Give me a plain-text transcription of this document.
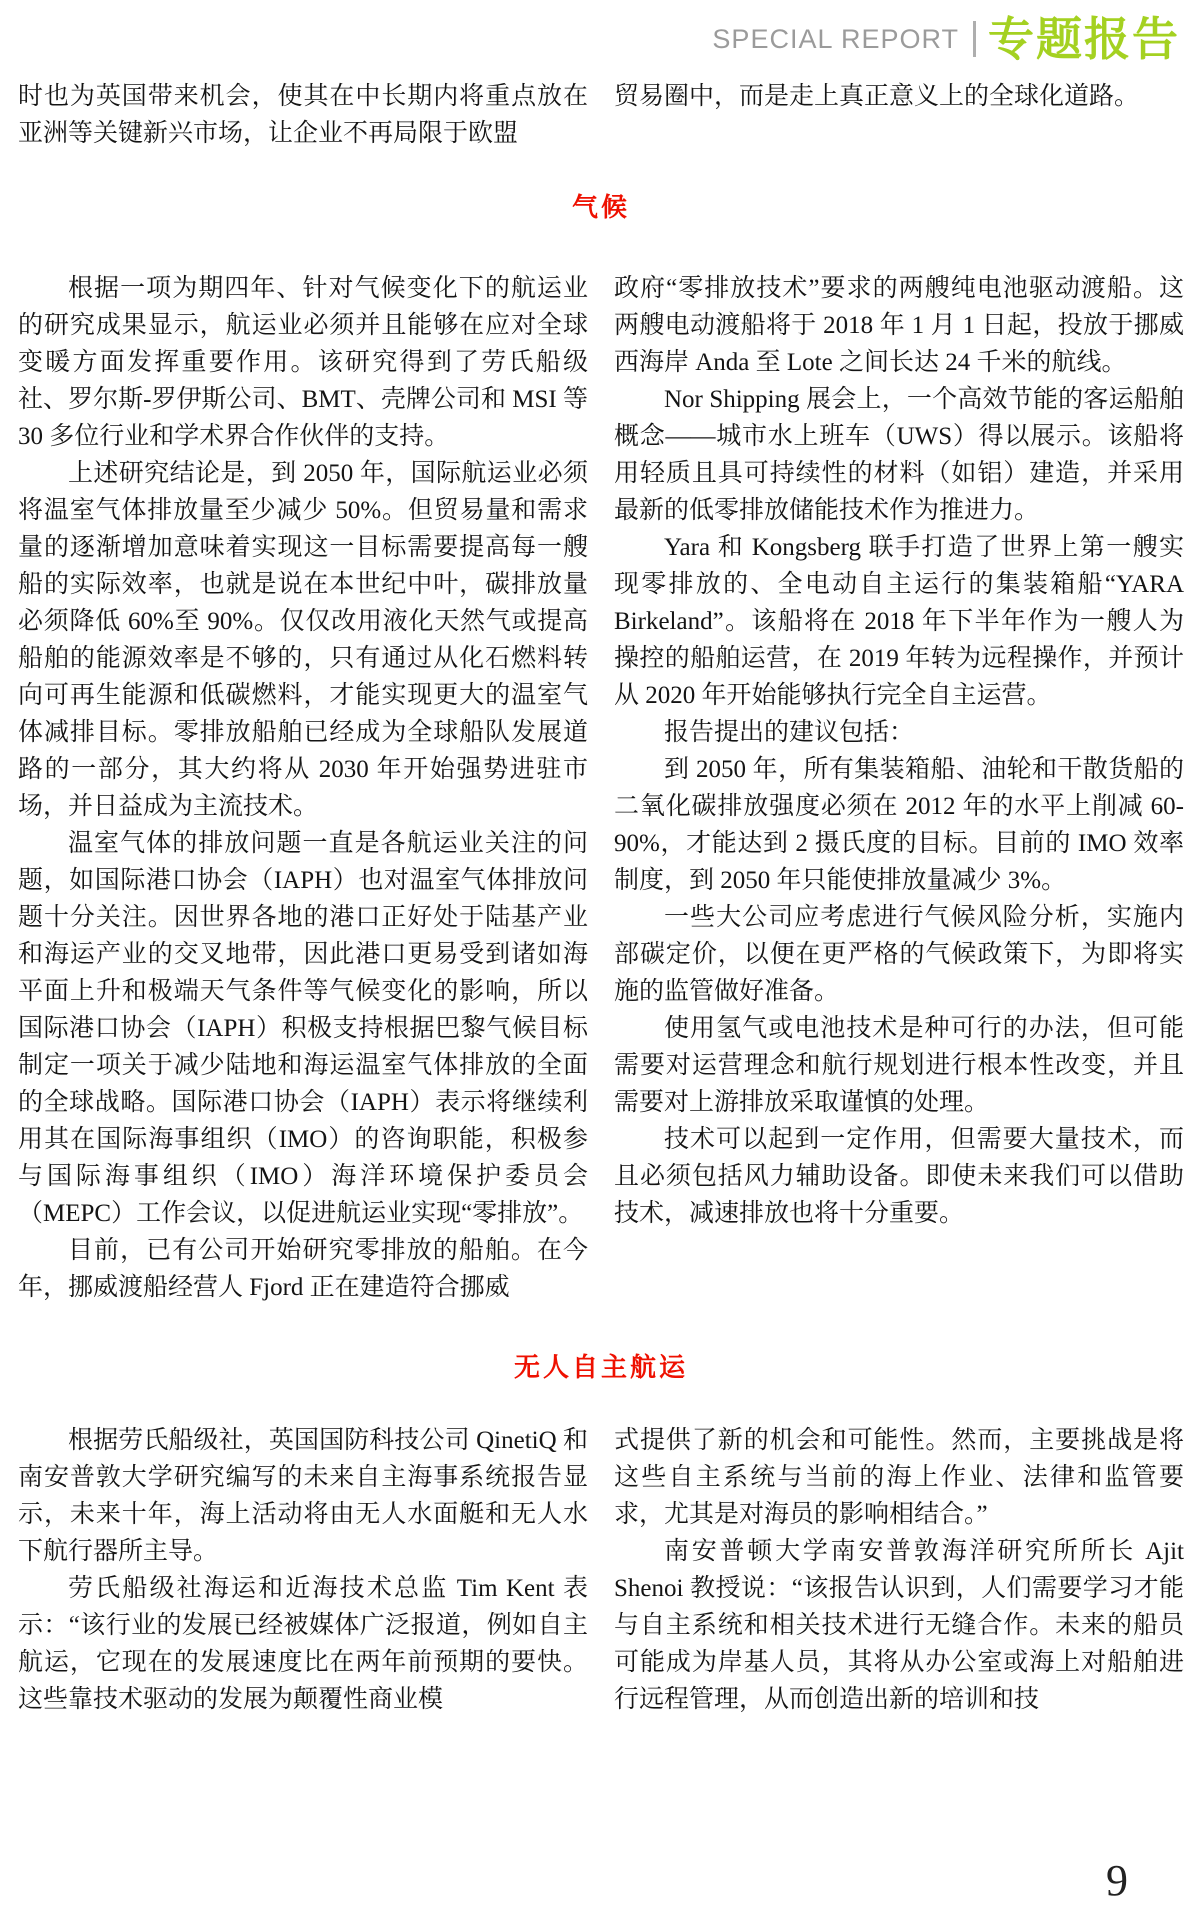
SPECIAL REPORT 专题报告

时也为英国带来机会，使其在中长期内将重点放在亚洲等关键新兴市场，让企业不再局限于欧盟

贸易圈中，而是走上真正意义上的全球化道路。

气候

根据一项为期四年、针对气候变化下的航运业的研究成果显示，航运业必须并且能够在应对全球变暖方面发挥重要作用。该研究得到了劳氏船级社、罗尔斯-罗伊斯公司、BMT、壳牌公司和 MSI 等 30 多位行业和学术界合作伙伴的支持。

上述研究结论是，到 2050 年，国际航运业必须将温室气体排放量至少减少 50%。但贸易量和需求量的逐渐增加意味着实现这一目标需要提高每一艘船的实际效率，也就是说在本世纪中叶，碳排放量必须降低 60%至 90%。仅仅改用液化天然气或提高船舶的能源效率是不够的，只有通过从化石燃料转向可再生能源和低碳燃料，才能实现更大的温室气体减排目标。零排放船舶已经成为全球船队发展道路的一部分，其大约将从 2030 年开始强势进驻市场，并日益成为主流技术。

温室气体的排放问题一直是各航运业关注的问题，如国际港口协会（IAPH）也对温室气体排放问题十分关注。因世界各地的港口正好处于陆基产业和海运产业的交叉地带，因此港口更易受到诸如海平面上升和极端天气条件等气候变化的影响，所以国际港口协会（IAPH）积极支持根据巴黎气候目标制定一项关于减少陆地和海运温室气体排放的全面的全球战略。国际港口协会（IAPH）表示将继续利用其在国际海事组织（IMO）的咨询职能，积极参与国际海事组织（IMO）海洋环境保护委员会（MEPC）工作会议，以促进航运业实现“零排放”。

目前，已有公司开始研究零排放的船舶。在今年，挪威渡船经营人 Fjord 正在建造符合挪威

政府“零排放技术”要求的两艘纯电池驱动渡船。这两艘电动渡船将于 2018 年 1 月 1 日起，投放于挪威西海岸 Anda 至 Lote 之间长达 24 千米的航线。

Nor Shipping 展会上，一个高效节能的客运船舶概念——城市水上班车（UWS）得以展示。该船将用轻质且具可持续性的材料（如铝）建造，并采用最新的低零排放储能技术作为推进力。

Yara 和 Kongsberg 联手打造了世界上第一艘实现零排放的、全电动自主运行的集装箱船“YARA Birkeland”。该船将在 2018 年下半年作为一艘人为操控的船舶运营，在 2019 年转为远程操作，并预计从 2020 年开始能够执行完全自主运营。

报告提出的建议包括：

到 2050 年，所有集装箱船、油轮和干散货船的二氧化碳排放强度必须在 2012 年的水平上削减 60-90%，才能达到 2 摄氏度的目标。目前的 IMO 效率制度，到 2050 年只能使排放量减少 3%。

一些大公司应考虑进行气候风险分析，实施内部碳定价，以便在更严格的气候政策下，为即将实施的监管做好准备。

使用氢气或电池技术是种可行的办法，但可能需要对运营理念和航行规划进行根本性改变，并且需要对上游排放采取谨慎的处理。

技术可以起到一定作用，但需要大量技术，而且必须包括风力辅助设备。即使未来我们可以借助技术，减速排放也将十分重要。

无人自主航运

根据劳氏船级社，英国国防科技公司 QinetiQ 和南安普敦大学研究编写的未来自主海事系统报告显示，未来十年，海上活动将由无人水面艇和无人水下航行器所主导。

劳氏船级社海运和近海技术总监 Tim Kent 表示：“该行业的发展已经被媒体广泛报道，例如自主航运，它现在的发展速度比在两年前预期的要快。这些靠技术驱动的发展为颠覆性商业模

式提供了新的机会和可能性。然而，主要挑战是将这些自主系统与当前的海上作业、法律和监管要求，尤其是对海员的影响相结合。”

南安普顿大学南安普敦海洋研究所所长 Ajit Shenoi 教授说：“该报告认识到，人们需要学习才能与自主系统和相关技术进行无缝合作。未来的船员可能成为岸基人员，其将从办公室或海上对船舶进行远程管理，从而创造出新的培训和技

9
